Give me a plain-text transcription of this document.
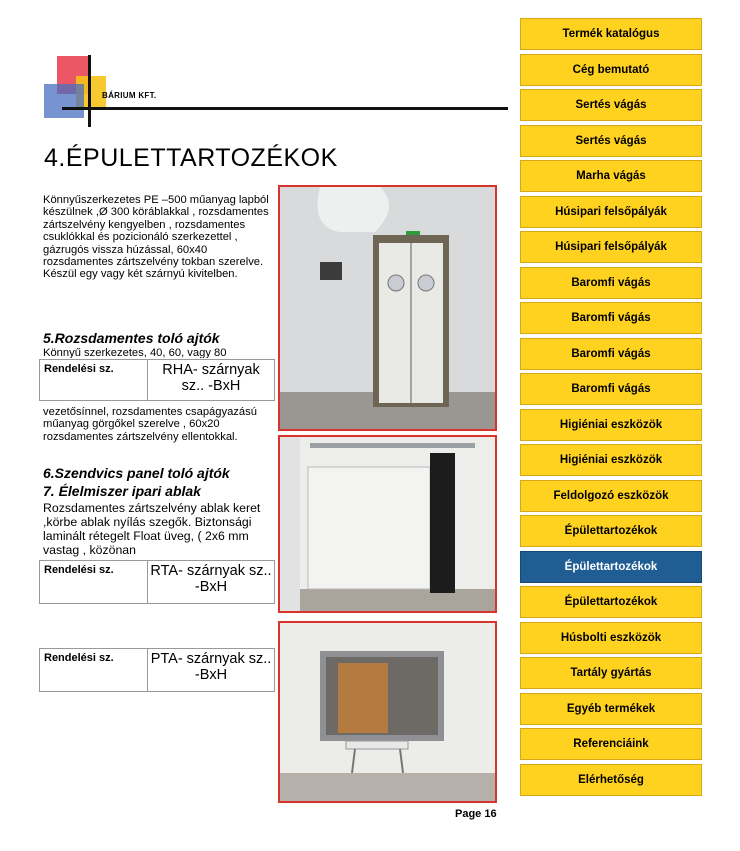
BÁRIUM KFT.
4.ÉPULETTARTOZÉKOK
Könnyűszerkezetes PE –500 műanyag lapból készülnek ,Ø 300 köráblakkal , rozsdamentes zártszelvény kengyelben , rozsdamentes csuklókkal és pozicionáló szerkezettel , gázrugós vissza húzással, 60x40 rozsdamentes zártszelvény tokban szerelve.
Készül egy vagy két szárnyú kivitelben.
5.Rozsdamentes toló ajtók
Könnyű szerkezetes, 40, 60, vagy 80
Rendelési sz.	RHA- szárnyak sz.. -BxH
vezetősínnel, rozsdamentes csapágyazású műanyag görgőkel szerelve , 60x20 rozsdamentes zártszelvény ellentokkal.
6.Szendvics panel toló ajtók
7. Élelmiszer ipari ablak
Rozsdamentes zártszelvény ablak keret ,körbe ablak nyílás szegők. Biztonsági laminált rétegelt Float üveg, ( 2x6 mm vastag , közönan
Rendelési sz.	RTA- szárnyak sz.. -BxH
Rendelési sz.	PTA- szárnyak sz.. -BxH
Page 16
Termék katalógus
Cég bemutató
Sertés vágás
Sertés vágás
Marha vágás
Húsipari felsőpályák
Húsipari felsőpályák
Baromfi vágás
Baromfi vágás
Baromfi vágás
Baromfi vágás
Higiéniai eszközök
Higiéniai eszközök
Feldolgozó eszközök
Épülettartozékok
Épülettartozékok
Épülettartozékok
Húsbolti eszközök
Tartály gyártás
Egyéb termékek
Referenciáink
Elérhetőség
